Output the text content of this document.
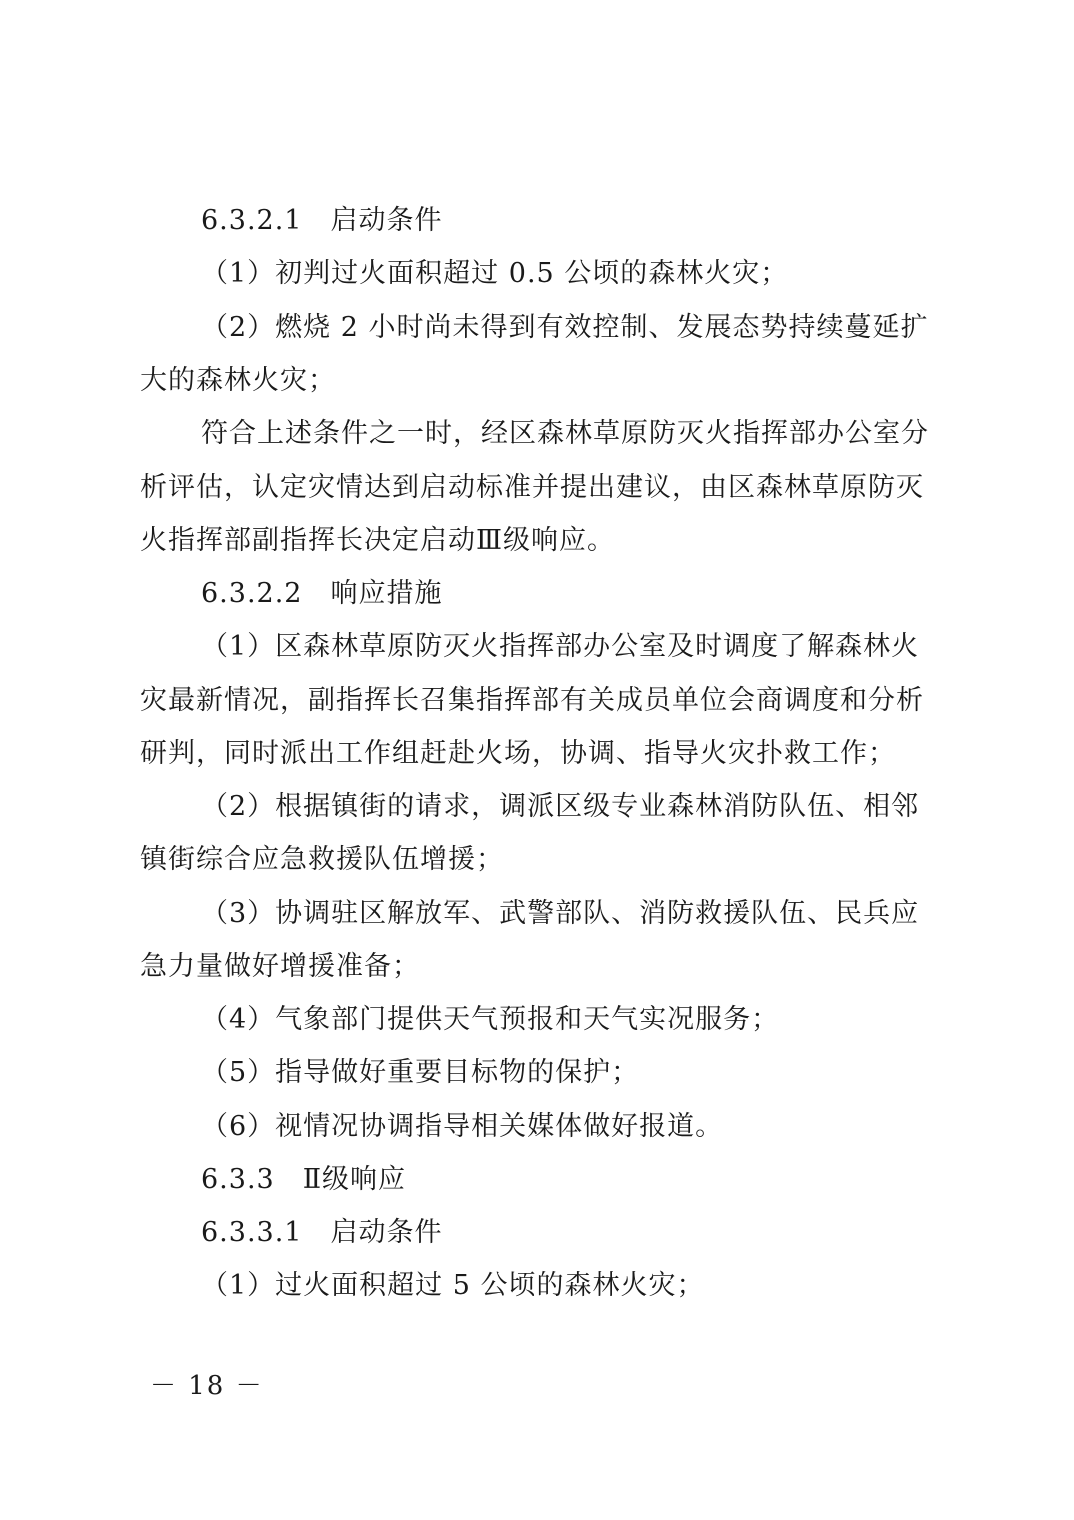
6.3.2.1　启动条件
（1）初判过火面积超过 0.5 公顷的森林火灾；
（2）燃烧 2 小时尚未得到有效控制、发展态势持续蔓延扩
大的森林火灾；
符合上述条件之一时，经区森林草原防灭火指挥部办公室分
析评估，认定灾情达到启动标准并提出建议，由区森林草原防灭
火指挥部副指挥长决定启动Ⅲ级响应。
6.3.2.2　响应措施
（1）区森林草原防灭火指挥部办公室及时调度了解森林火
灾最新情况，副指挥长召集指挥部有关成员单位会商调度和分析
研判，同时派出工作组赶赴火场，协调、指导火灾扑救工作；
（2）根据镇街的请求，调派区级专业森林消防队伍、相邻
镇街综合应急救援队伍增援；
（3）协调驻区解放军、武警部队、消防救援队伍、民兵应
急力量做好增援准备；
（4）气象部门提供天气预报和天气实况服务；
（5）指导做好重要目标物的保护；
（6）视情况协调指导相关媒体做好报道。
6.3.3　Ⅱ级响应
6.3.3.1　启动条件
（1）过火面积超过 5 公顷的森林火灾；
－ 18 －
